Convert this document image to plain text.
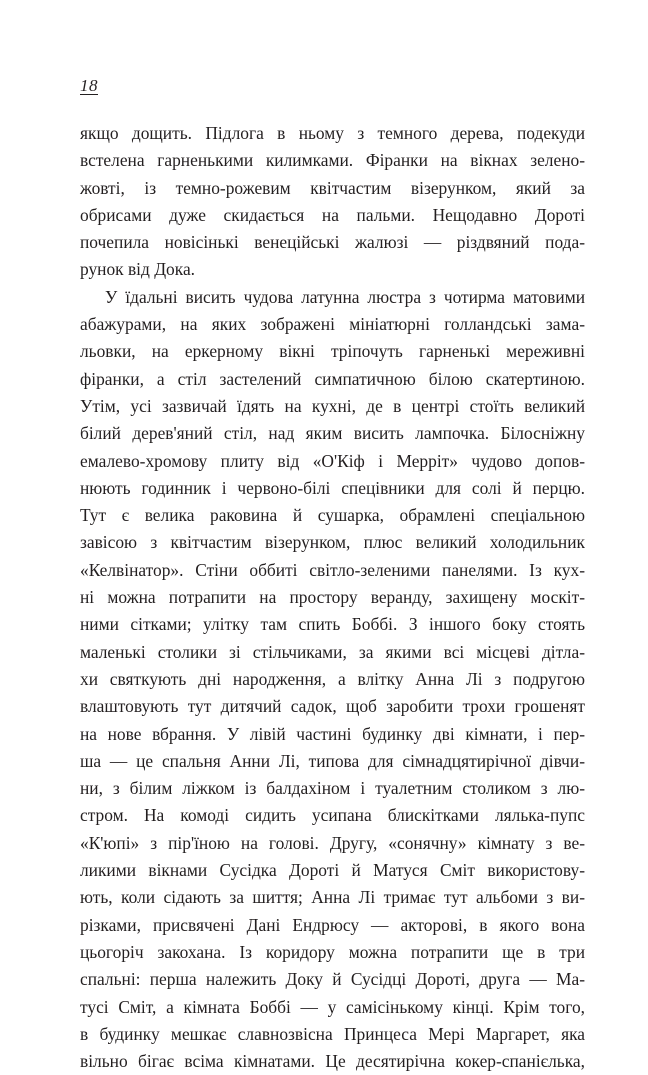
18
якщо дощить. Підлога в ньому з темного дерева, подекуди
встелена гарненькими килимками. Фіранки на вікнах зелено-
жовті, із темно-рожевим квітчастим візерунком, який за
обрисами дуже скидається на пальми. Нещодавно Дороті
почепила новісінькі венеційські жалюзі — різдвяний пода-
рунок від Дока.
У їдальні висить чудова латунна люстра з чотирма матовими
абажурами, на яких зображені мініатюрні голландські замa-
льовки, на еркерному вікні тріпочуть гарненькі мереживні
фіранки, а стіл застелений симпатичною білою скатертиною.
Утім, усі зазвичай їдять на кухні, де в центрі стоїть великий
білий дерев'яний стіл, над яким висить лампочка. Білосніжну
емалево-хромову плиту від «О'Кіф і Меррiт» чудово допов-
нюють годинник і червоно-білі спецівники для солі й перцю.
Тут є велика раковина й сушарка, обрамлені спеціальною
завісою з квітчастим візерунком, плюс великий холодильник
«Келвінатор». Стіни оббиті світло-зеленими панелями. Із кух-
ні можна потрапити на простору веранду, захищену москіт-
ними сітками; улітку там спить Боббі. З іншого боку стоять
маленькі столики зі стільчиками, за якими всі місцеві дітла-
хи святкують дні народження, а влітку Анна Лі з подругою
влаштовують тут дитячий садок, щоб заробити трохи грошенят
на нове вбрання. У лівій частині будинку дві кімнати, і пер-
ша — це спальня Анни Лі, типова для сімнадцятирічної дівчи-
ни, з білим ліжком із балдахіном і туалетним столиком з лю-
стром. На комоді сидить усипана блискітками лялька-пупс
«К'юпі» з пір'їною на голові. Другу, «сонячну» кімнату з ве-
ликими вікнами Сусідка Дороті й Матуся Сміт використову-
ють, коли сідають за шиття; Анна Лі тримає тут альбоми з ви-
різками, присвячені Дані Ендрюсу — акторові, в якого вона
цьогоріч закохана. Із коридору можна потрапити ще в три
спальні: перша належить Доку й Сусідці Дороті, друга — Ма-
тусі Сміт, а кімната Боббі — у самісінькому кінці. Крім того,
в будинку мешкає славнозвісна Принцеса Мері Маргарет, яка
вільно бігає всіма кімнатами. Це десятирічна кокер-спанієлька,
